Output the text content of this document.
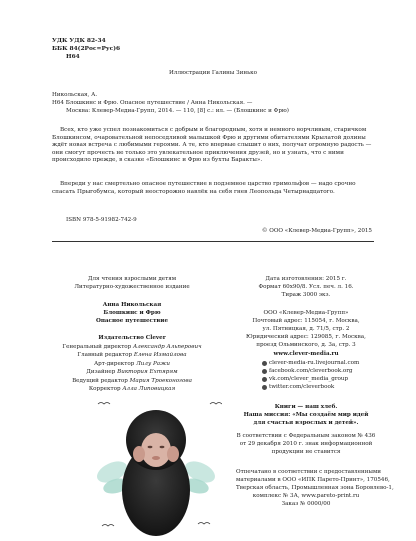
УДК УДК 82-34
ББК 84(2Рос=Рус)6
Н64
Иллюстрации Галины Зинько
Никольская, А.
Н64 Блошкинс и Фрю. Опасное путешествие / Анна Никольская. —
Москва: Клевер-Медиа-Групп, 2014. — 110, [8] с.: ил. — (Блошкинс и Фрю)
Всех, кто уже успел познакомиться с добрым и благородным, хотя и немного ворчливым, старичком Блошкинсом, очаровательной непоседливой малышкой Фрю и другими обитателями Крылатой долины ждёт новая встреча с любимыми героями. А те, кто впервые слышит о них, получат огромную радость — они смогут прочесть не только это увлекательное приключения друзей, но и узнать, что с ними происходило прежде, в сказке «Блошкинс и Фрю из бухты Баракты».
Впереди у нас смертельно опасное путешествие в подземное царство гримольфов — надо срочно спасать Прыгобумса, который неосторожно навлёк на себя гнев Леопольда Четырнадцатого.
ISBN 978-5-91982-742-9
© ООО «Клевер-Медиа-Групп», 2015
Для чтения взрослыми детям
Литературно-художественное издание
Анна Никольская
Блошкинс и Фрю
Опасное путешествие
Издательство Clever
Генеральный директор Александр Альперович
Главный редактор Елена Измайлова
Арт-директор Лилу Ражи
Дизайнер Виктория Ехтярям
Ведущий редактор Мария Троеконогова
Корректор Алла Липовицкая
Дата изготовления: 2015 г.
Формат 60х90/8. Усл. печ. л. 16.
Тираж 3000 экз.
ООО «Клевер-Медиа-Групп»
Почтовый адрес: 115054, г. Москва,
ул. Пятницкая, д. 71/5, стр. 2
Юридический адрес: 129085, г. Москва,
проезд Ольминского, д. 3а, стр. 3
www.clever-media.ru
clever-media-ru.livejournal.com
facebook.com/cleverbook.org
vk.com/clever_media_group
twitter.com/cleverbook
Книги — наш хлеб.
Наша миссия: «Мы создаём мир идей
для счастья взрослых и детей».
В соответствии с Федеральным законом № 436
от 29 декабря 2010 г. знак информационной
продукции не ставится
Отпечатано в соответствии с предоставленными
материалами в ООО «ИПК Парето-Принт», 170546,
Тверская область, Промышленная зона Боровлево-1,
комплекс № 3А, www.pareto-print.ru
Заказ № 0000/00
